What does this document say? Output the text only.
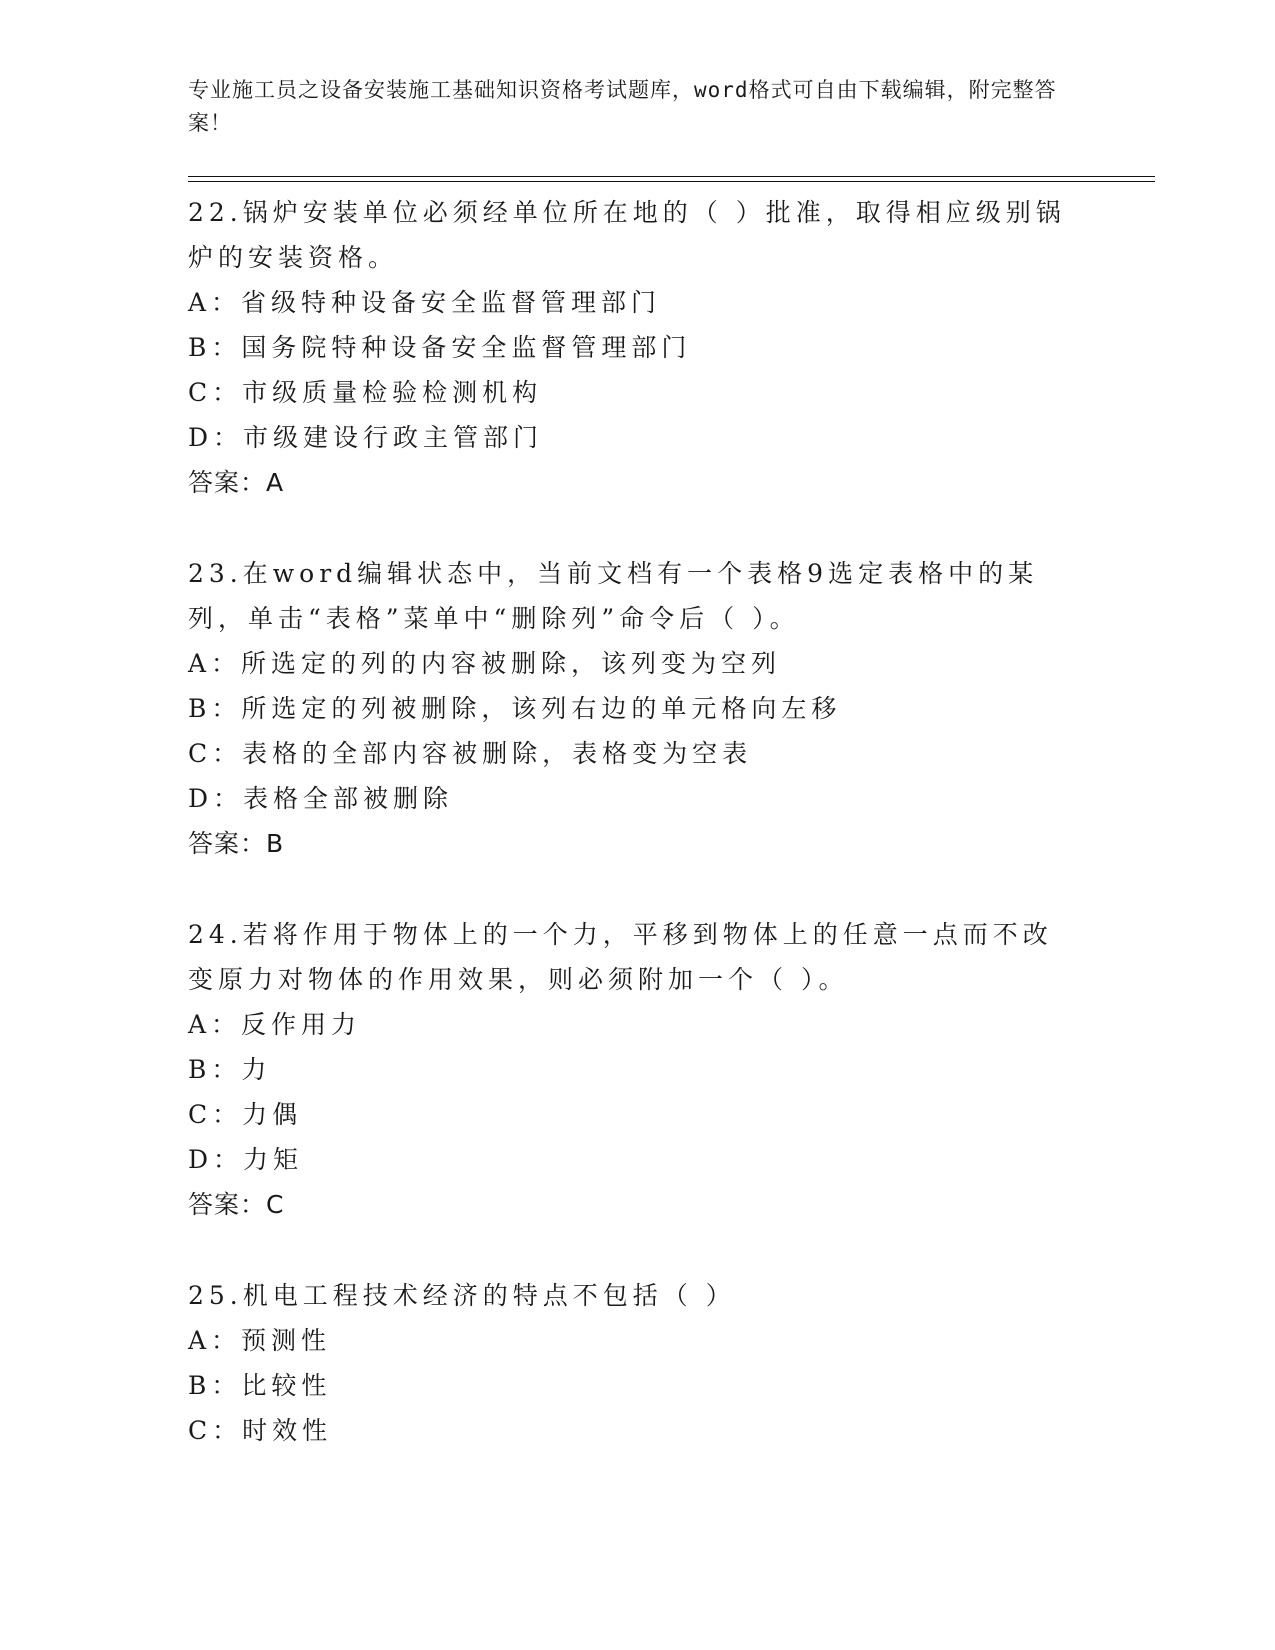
专业施工员之设备安装施工基础知识资格考试题库，word格式可自由下载编辑，附完整答案！
22.锅炉安装单位必须经单位所在地的（ ）批准，取得相应级别锅炉的安装资格。
A：省级特种设备安全监督管理部门
B：国务院特种设备安全监督管理部门
C：市级质量检验检测机构
D：市级建设行政主管部门
答案：A
23.在word编辑状态中，当前文档有一个表格9选定表格中的某列，单击“表格”菜单中“删除列”命令后（ ）。
A：所选定的列的内容被删除，该列变为空列
B：所选定的列被删除，该列右边的单元格向左移
C：表格的全部内容被删除，表格变为空表
D：表格全部被删除
答案：B
24.若将作用于物体上的一个力，平移到物体上的任意一点而不改变原力对物体的作用效果，则必须附加一个（ ）。
A：反作用力
B：力
C：力偶
D：力矩
答案：C
25.机电工程技术经济的特点不包括（ ）
A：预测性
B：比较性
C：时效性
